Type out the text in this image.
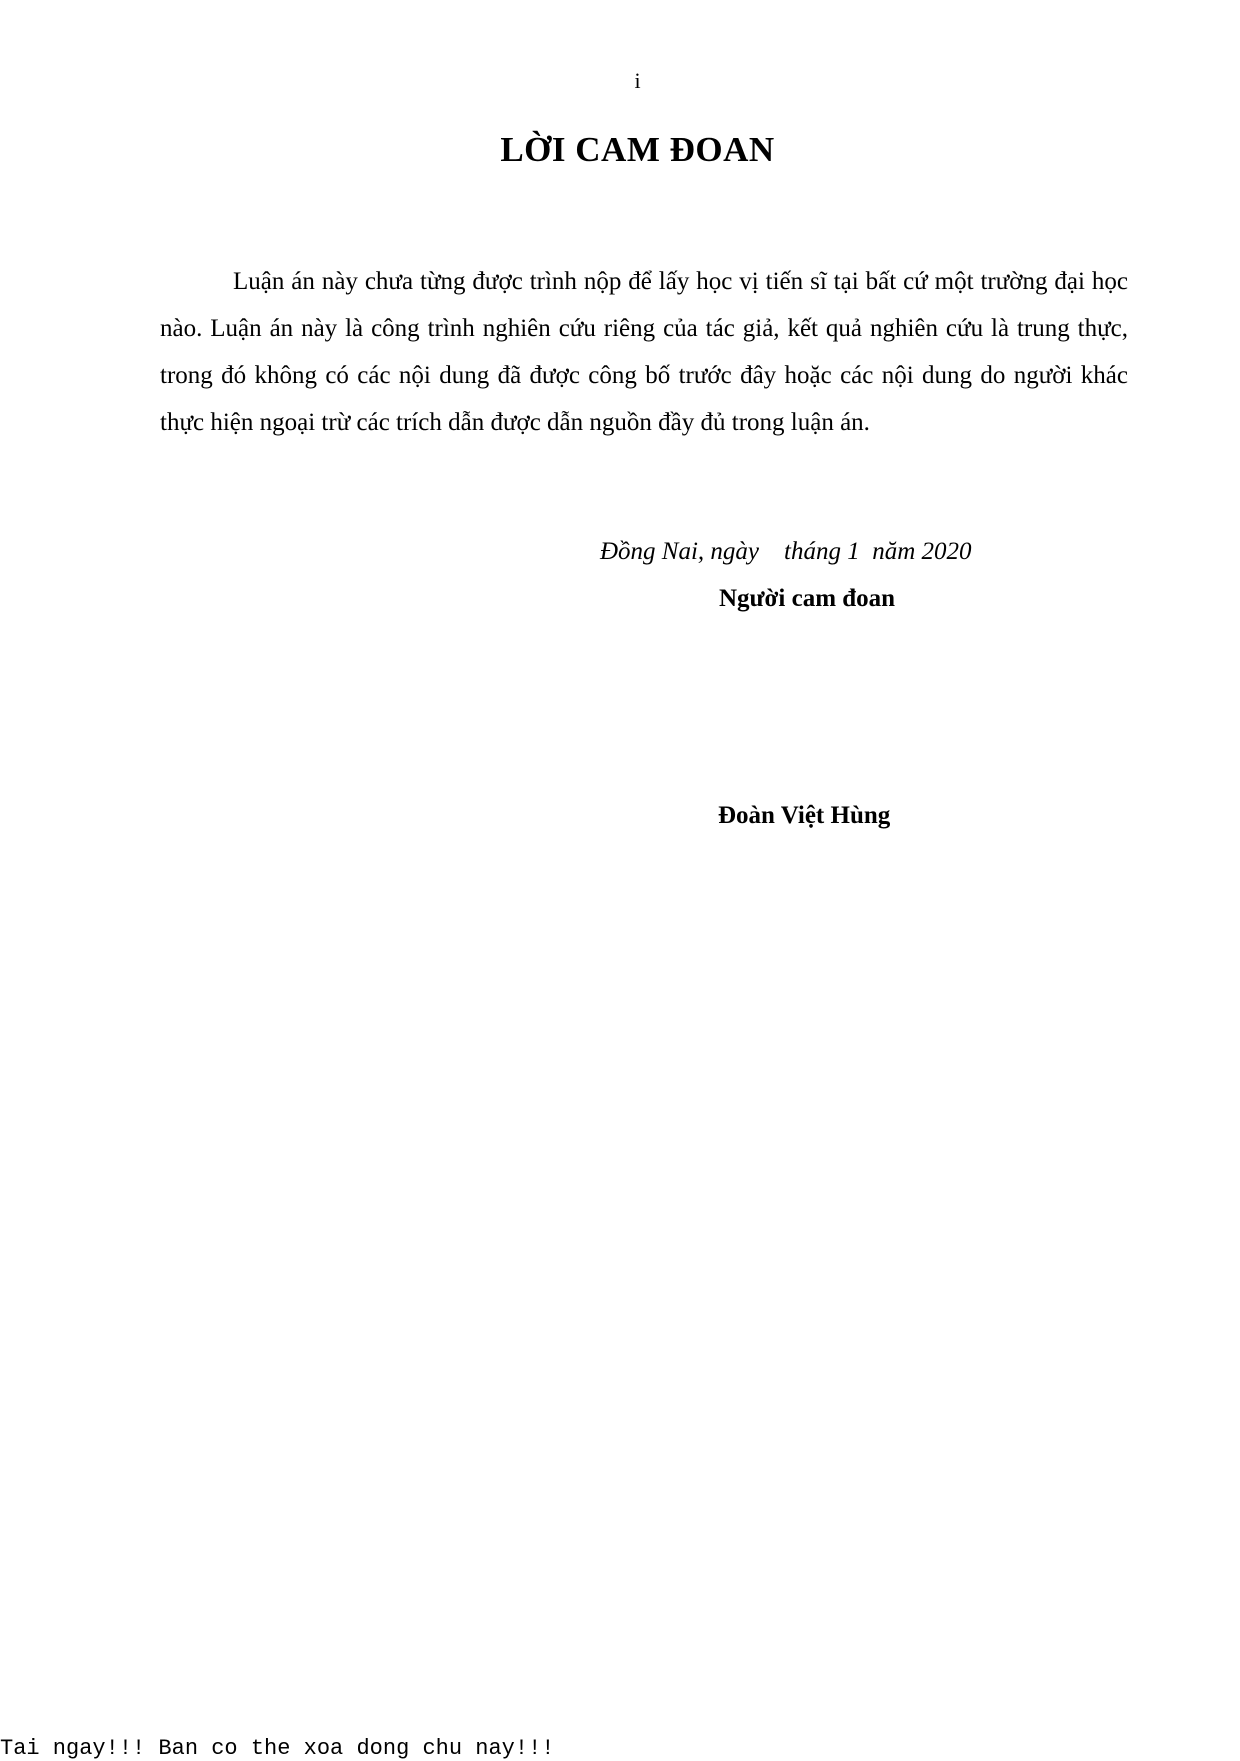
i
LỜI CAM ĐOAN

Luận án này chưa từng được trình nộp để lấy học vị tiến sĩ tại bất cứ một trường đại học nào. Luận án này là công trình nghiên cứu riêng của tác giả, kết quả nghiên cứu là trung thực, trong đó không có các nội dung đã được công bố trước đây hoặc các nội dung do người khác thực hiện ngoại trừ các trích dẫn được dẫn nguồn đầy đủ trong luận án.

Đồng Nai, ngày    tháng 1  năm 2020
Người cam đoan
Đoàn Việt Hùng
Tai ngay!!! Ban co the xoa dong chu nay!!!
